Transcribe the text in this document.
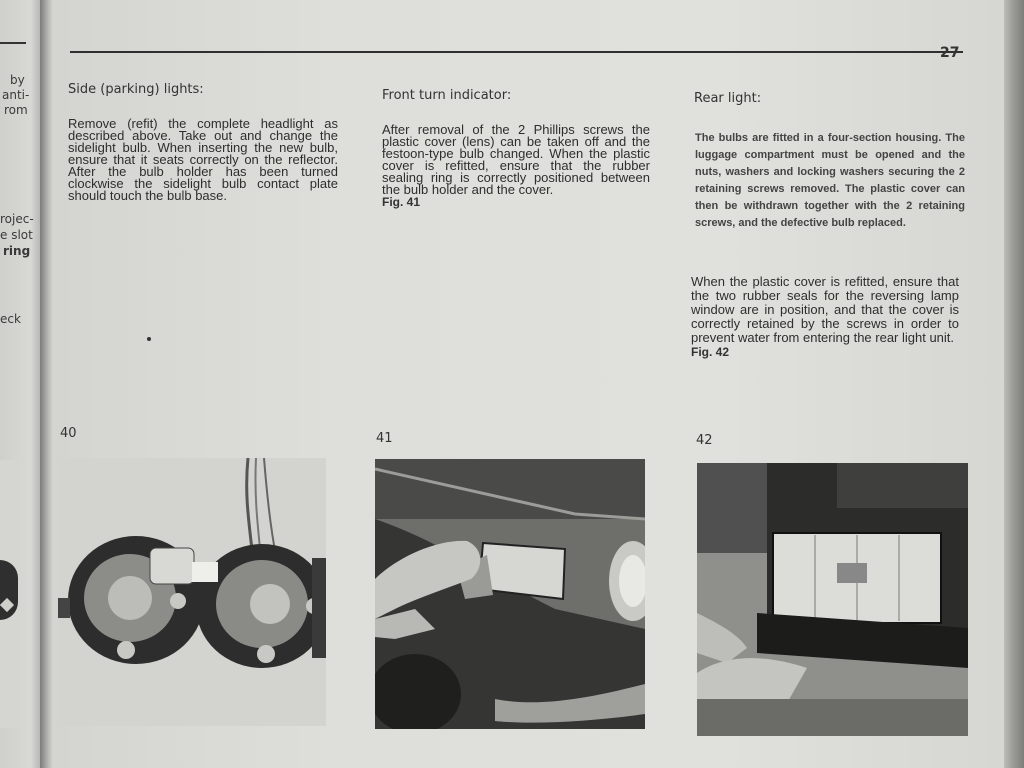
by
anti-
rom
rojec-
e slot
ring
eck
27
Side (parking) lights:
Remove (refit) the complete headlight as described above. Take out and change the sidelight bulb. When inserting the new bulb, ensure that it seats correctly on the reflector. After the bulb holder has been turned clockwise the sidelight bulb contact plate should touch the bulb base.
Front turn indicator:
After removal of the 2 Phillips screws the plastic cover (lens) can be taken off and the festoon-type bulb changed. When the plastic cover is refitted, ensure that the rubber sealing ring is correctly positioned between the bulb holder and the cover.
Fig. 41
Rear light:
The bulbs are fitted in a four-section housing. The luggage compartment must be opened and the nuts, washers and locking washers securing the 2 retaining screws removed. The plastic cover can then be withdrawn together with the 2 retaining screws, and the defective bulb replaced.
When the plastic cover is refitted, ensure that the two rubber seals for the reversing lamp window are in position, and that the cover is correctly retained by the screws in order to prevent water from entering the rear light unit.
Fig. 42
40	41	42
